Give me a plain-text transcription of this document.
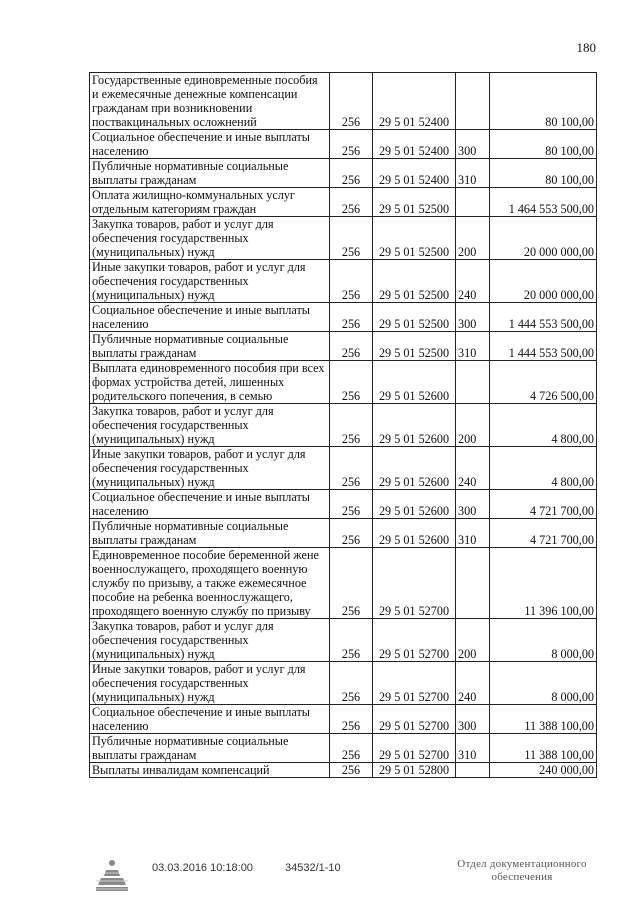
180
Государственные единовременные пособия и ежемесячные денежные компенсации гражданам при возникновении поствакцинальных осложнений	256	29 5 01 52400		80 100,00
Социальное обеспечение и иные выплаты населению	256	29 5 01 52400	300	80 100,00
Публичные нормативные социальные выплаты гражданам	256	29 5 01 52400	310	80 100,00
Оплата жилищно-коммунальных услуг отдельным категориям граждан	256	29 5 01 52500		1 464 553 500,00
Закупка товаров, работ и услуг для обеспечения государственных (муниципальных) нужд	256	29 5 01 52500	200	20 000 000,00
Иные закупки товаров, работ и услуг для обеспечения государственных (муниципальных) нужд	256	29 5 01 52500	240	20 000 000,00
Социальное обеспечение и иные выплаты населению	256	29 5 01 52500	300	1 444 553 500,00
Публичные нормативные социальные выплаты гражданам	256	29 5 01 52500	310	1 444 553 500,00
Выплата единовременного пособия при всех формах устройства детей, лишенных родительского попечения, в семью	256	29 5 01 52600		4 726 500,00
Закупка товаров, работ и услуг для обеспечения государственных (муниципальных) нужд	256	29 5 01 52600	200	4 800,00
Иные закупки товаров, работ и услуг для обеспечения государственных (муниципальных) нужд	256	29 5 01 52600	240	4 800,00
Социальное обеспечение и иные выплаты населению	256	29 5 01 52600	300	4 721 700,00
Публичные нормативные социальные выплаты гражданам	256	29 5 01 52600	310	4 721 700,00
Единовременное пособие беременной жене военнослужащего, проходящего военную службу по призыву, а также ежемесячное пособие на ребенка военнослужащего, проходящего военную службу по призыву	256	29 5 01 52700		11 396 100,00
Закупка товаров, работ и услуг для обеспечения государственных (муниципальных) нужд	256	29 5 01 52700	200	8 000,00
Иные закупки товаров, работ и услуг для обеспечения государственных (муниципальных) нужд	256	29 5 01 52700	240	8 000,00
Социальное обеспечение и иные выплаты населению	256	29 5 01 52700	300	11 388 100,00
Публичные нормативные социальные выплаты гражданам	256	29 5 01 52700	310	11 388 100,00
Выплаты инвалидам компенсаций	256	29 5 01 52800		240 000,00
03.03.2016 10:18:00	34532/1-10	Отдел документационного обеспечения
